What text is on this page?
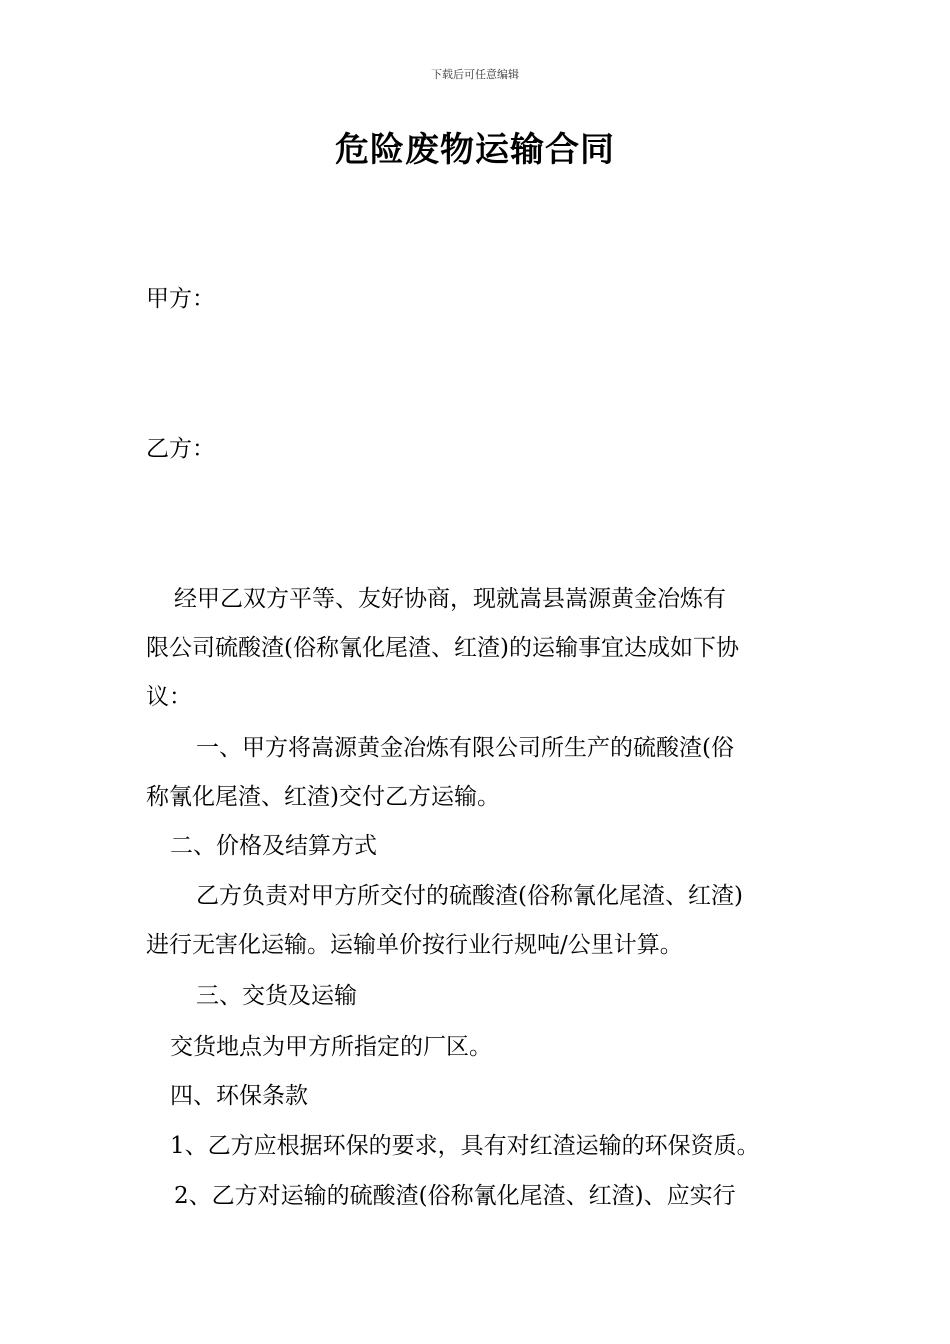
下载后可任意编辑
危险废物运输合同
甲方：
乙方：
经甲乙双方平等、友好协商，现就嵩县嵩源黄金冶炼有
限公司硫酸渣(俗称氰化尾渣、红渣)的运输事宜达成如下协
议：
一、甲方将嵩源黄金冶炼有限公司所生产的硫酸渣(俗
称氰化尾渣、红渣)交付乙方运输。
二、价格及结算方式
乙方负责对甲方所交付的硫酸渣(俗称氰化尾渣、红渣)
进行无害化运输。运输单价按行业行规吨/公里计算。
三、交货及运输
交货地点为甲方所指定的厂区。
四、环保条款
1、乙方应根据环保的要求，具有对红渣运输的环保资质。
2、乙方对运输的硫酸渣(俗称氰化尾渣、红渣)、应实行
